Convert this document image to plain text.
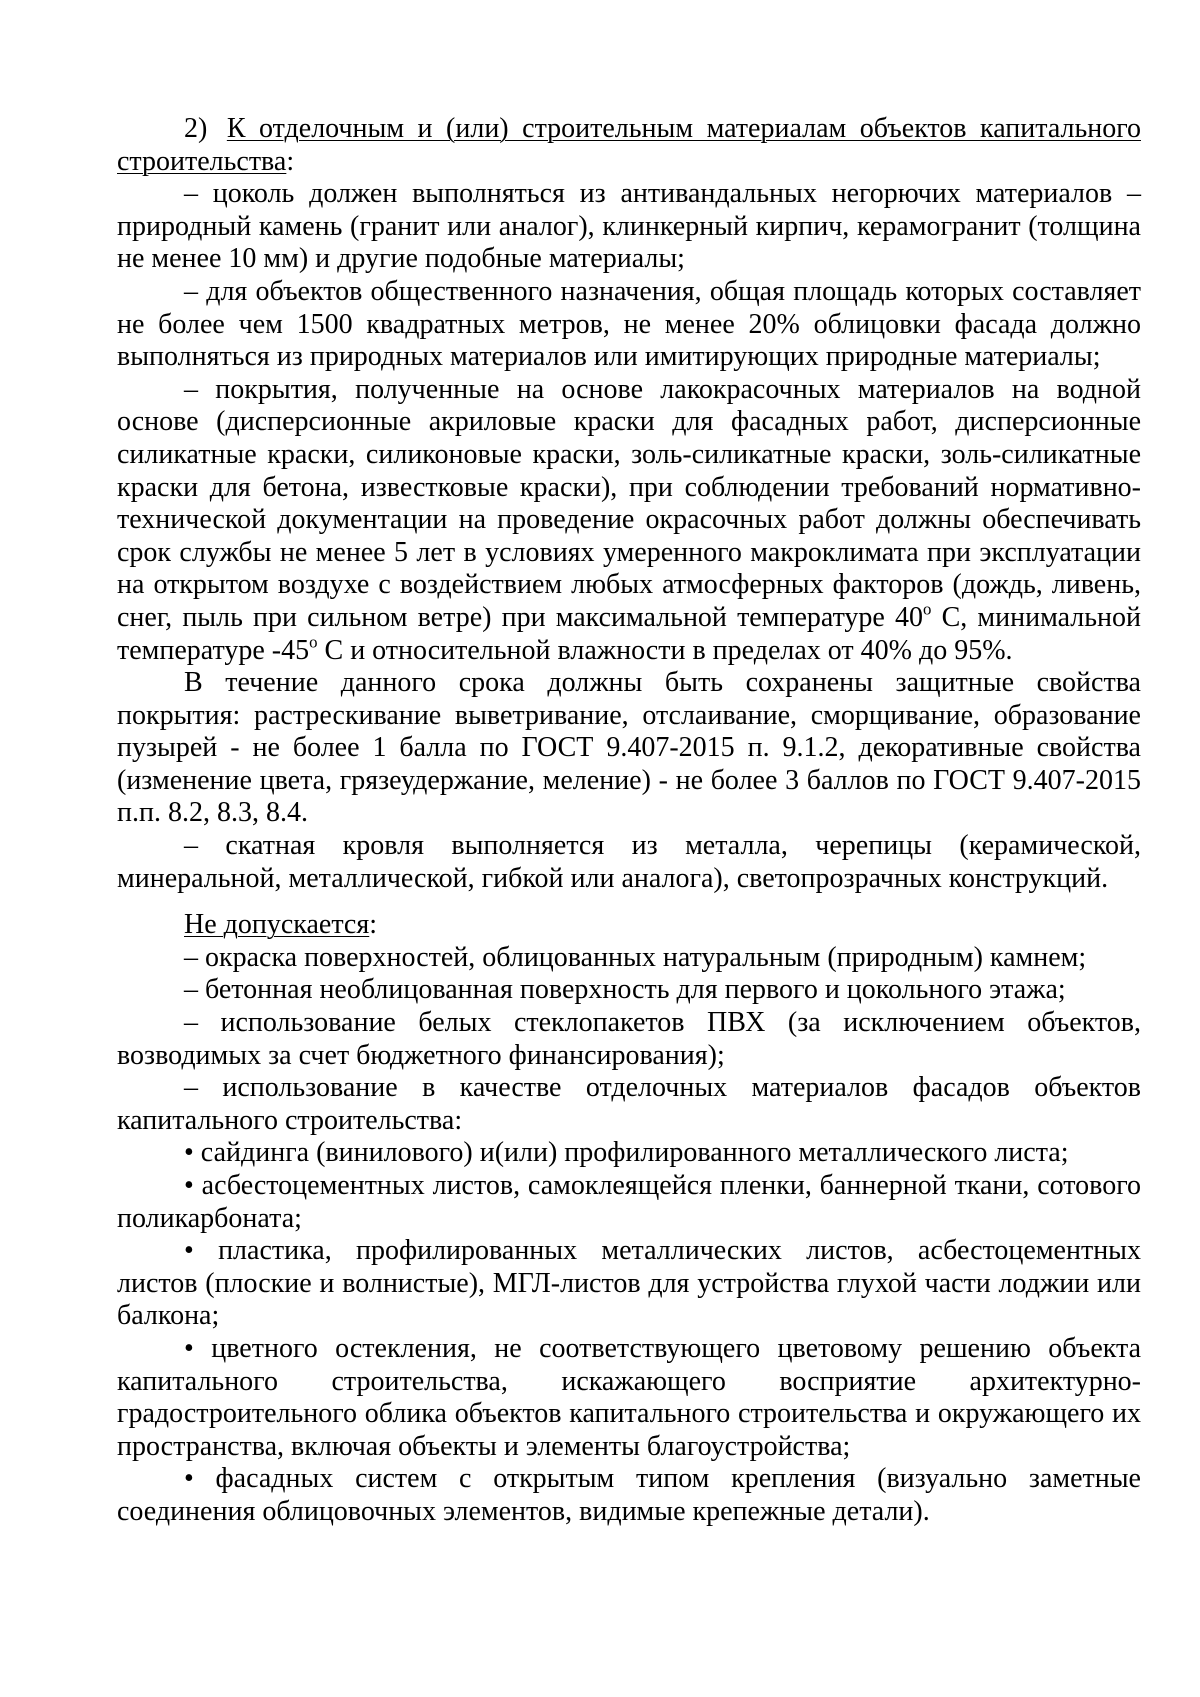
2) К отделочным и (или) строительным материалам объектов капитального строительства:

– цоколь должен выполняться из антивандальных негорючих материалов – природный камень (гранит или аналог), клинкерный кирпич, керамогранит (толщина не менее 10 мм) и другие подобные материалы;

– для объектов общественного назначения, общая площадь которых составляет не более чем 1500 квадратных метров, не менее 20% облицовки фасада должно выполняться из природных материалов или имитирующих природные материалы;

– покрытия, полученные на основе лакокрасочных материалов на водной основе (дисперсионные акриловые краски для фасадных работ, дисперсионные силикатные краски, силиконовые краски, золь-силикатные краски, золь-силикатные краски для бетона, известковые краски), при соблюдении требований нормативно-технической документации на проведение окрасочных работ должны обеспечивать срок службы не менее 5 лет в условиях умеренного макроклимата при эксплуатации на открытом воздухе с воздействием любых атмосферных факторов (дождь, ливень, снег, пыль при сильном ветре) при максимальной температуре 40$^o$ С, минимальной температуре -45$^o$ С и относительной влажности в пределах от 40% до 95%.

В течение данного срока должны быть сохранены защитные свойства покрытия: растрескивание выветривание, отслаивание, сморщивание, образование пузырей - не более 1 балла по ГОСТ 9.407-2015 п. 9.1.2, декоративные свойства (изменение цвета, грязеудержание, меление) - не более 3 баллов по ГОСТ 9.407-2015 п.п. 8.2, 8.3, 8.4.

– скатная кровля выполняется из металла, черепицы (керамической, минеральной, металлической, гибкой или аналога), светопрозрачных конструкций.

Не допускается:

– окраска поверхностей, облицованных натуральным (природным) камнем;

– бетонная необлицованная поверхность для первого и цокольного этажа;

– использование белых стеклопакетов ПВХ (за исключением объектов, возводимых за счет бюджетного финансирования);

– использование в качестве отделочных материалов фасадов объектов капитального строительства:

• сайдинга (винилового) и(или) профилированного металлического листа;

• асбестоцементных листов, самоклеящейся пленки, баннерной ткани, сотового поликарбоната;

• пластика, профилированных металлических листов, асбестоцементных листов (плоские и волнистые), МГЛ-листов для устройства глухой части лоджии или балкона;

• цветного остекления, не соответствующего цветовому решению объекта капитального строительства, искажающего восприятие архитектурно-градостроительного облика объектов капитального строительства и окружающего их пространства, включая объекты и элементы благоустройства;

• фасадных систем с открытым типом крепления (визуально заметные соединения облицовочных элементов, видимые крепежные детали).
